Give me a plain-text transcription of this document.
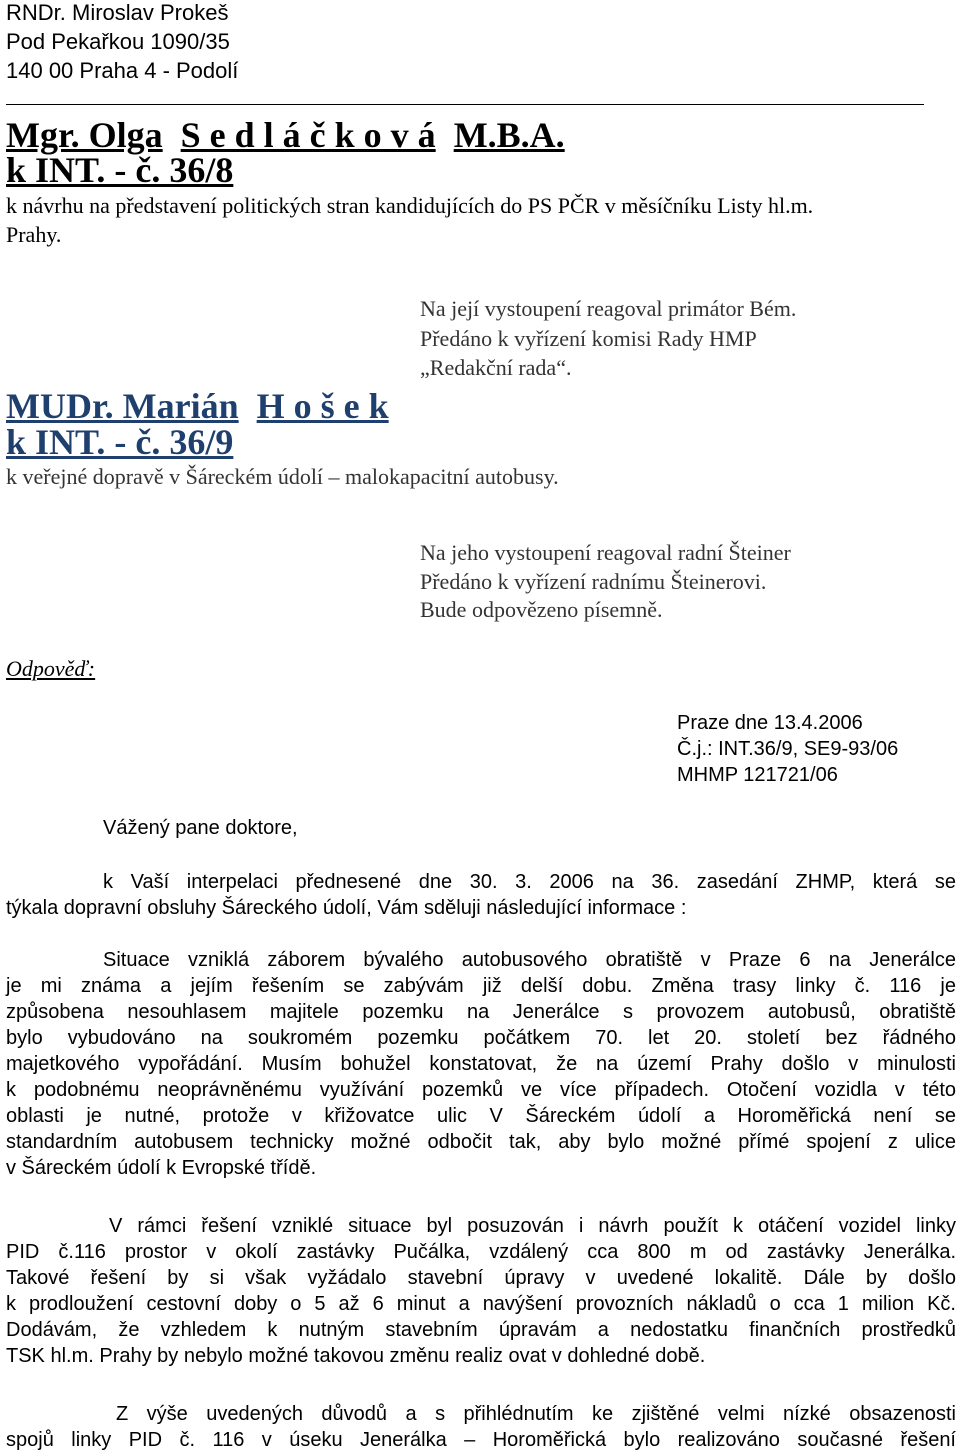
RNDr. Miroslav Prokeš
Pod Pekařkou 1090/35
140 00 Praha 4 - Podolí
Mgr. Olga S e d l á č k o v á M.B.A.
k INT. - č. 36/8
k návrhu na představení politických stran kandidujících do PS PČR v měsíčníku Listy hl.m.
Prahy.
Na její vystoupení reagoval primátor Bém.
Předáno k vyřízení komisi Rady HMP
„Redakční rada“.
MUDr. Marián H o š e k
k INT. - č. 36/9
k veřejné dopravě v Šáreckém údolí – malokapacitní autobusy.
Na jeho vystoupení reagoval radní Šteiner
Předáno k vyřízení radnímu Šteinerovi.
Bude odpovězeno písemně.
Odpověď:
Praze dne 13.4.2006
Č.j.: INT.36/9, SE9-93/06
MHMP 121721/06
Vážený pane doktore,
k Vaší interpelaci přednesené dne 30. 3. 2006 na 36. zasedání ZHMP, která se
týkala dopravní obsluhy Šáreckého údolí, Vám sděluji následující informace :
Situace vzniklá záborem bývalého autobusového obratiště v Praze 6 na Jenerálce
je mi známa a jejím řešením se zabývám již delší dobu. Změna trasy linky č. 116 je
způsobena nesouhlasem majitele pozemku na Jenerálce s provozem autobusů, obratiště
bylo vybudováno na soukromém pozemku počátkem 70. let 20. století bez řádného
majetkového vypořádání. Musím bohužel konstatovat, že na území Prahy došlo v minulosti
k podobnému neoprávněnému využívání pozemků ve více případech. Otočení vozidla v této
oblasti je nutné, protože v křižovatce ulic V Šáreckém údolí a Horoměřická není se
standardním autobusem technicky možné odbočit tak, aby bylo možné přímé spojení z ulice
v Šáreckém údolí k Evropské třídě.
V rámci řešení vzniklé situace byl posuzován i návrh použít k otáčení vozidel linky
PID č.116 prostor v okolí zastávky Pučálka, vzdálený cca 800 m od zastávky Jenerálka.
Takové řešení by si však vyžádalo stavební úpravy v uvedené lokalitě. Dále by došlo
k prodloužení cestovní doby o 5 až 6 minut a navýšení provozních nákladů o cca 1 milion Kč.
Dodávám, že vzhledem k nutným stavebním úpravám a nedostatku finančních prostředků
TSK hl.m. Prahy by nebylo možné takovou změnu realiz ovat v dohledné době.
Z výše uvedených důvodů a s přihlédnutím ke zjištěné velmi nízké obsazenosti
spojů linky PID č. 116 v úseku Jenerálka – Horoměřická bylo realizováno současné řešení
